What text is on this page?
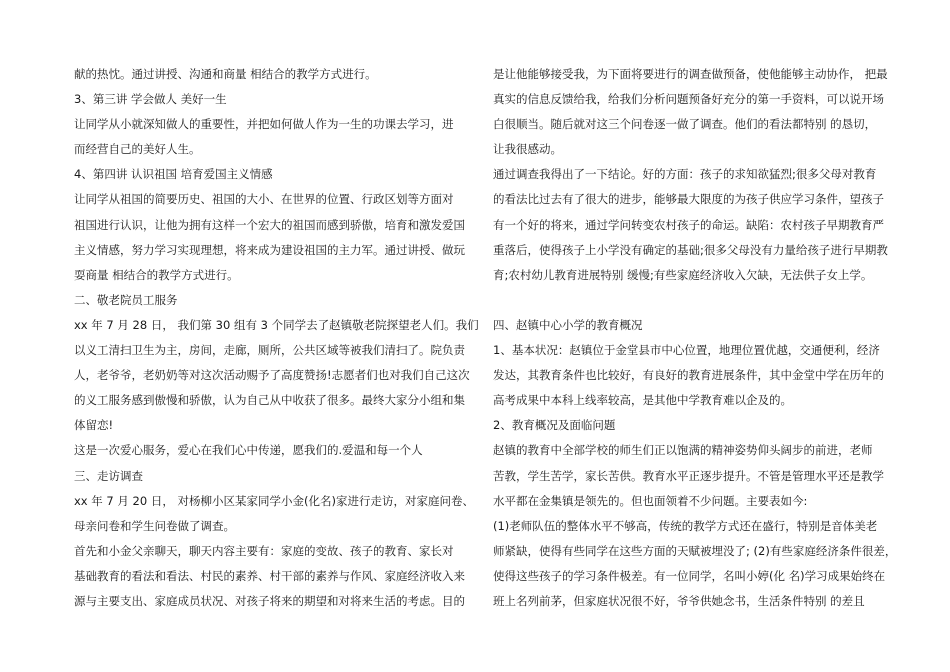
献的热忱。通过讲授、沟通和商量 相结合的教学方式进行。
3、第三讲 学会做人 美好一生
让同学从小就深知做人的重要性，并把如何做人作为一生的功课去学习，进
而经营自己的美好人生。
4、第四讲 认识祖国 培育爱国主义情感
让同学从祖国的简要历史、祖国的大小、在世界的位置、行政区划等方面对
祖国进行认识，让他为拥有这样一个宏大的祖国而感到骄傲，培育和激发爱国
主义情感，努力学习实现理想，将来成为建设祖国的主力军。通过讲授、做玩
耍商量 相结合的教学方式进行。
二、敬老院员工服务
xx 年 7 月 28 日， 我们第 30 组有 3 个同学去了赵镇敬老院探望老人们。我们
以义工清扫卫生为主，房间，走廊，厕所，公共区域等被我们清扫了。院负责
人，老爷爷，老奶奶等对这次活动赐予了高度赞扬!志愿者们也对我们自己这次
的义工服务感到傲慢和骄傲，认为自己从中收获了很多。最终大家分小组和集
体留恋!
这是一次爱心服务，爱心在我们心中传递，愿我们的.爱温和每一个人
三、走访调查
xx 年 7 月 20 日， 对杨柳小区某家同学小金(化名)家进行走访，对家庭问卷、
母亲问卷和学生问卷做了调查。
首先和小金父亲聊天，聊天内容主要有：家庭的变故、孩子的教育、家长对
基础教育的看法和看法、村民的素养、村干部的素养与作风、家庭经济收入来
源与主要支出、家庭成员状况、对孩子将来的期望和对将来生活的考虑。目的
是让他能够接受我，为下面将要进行的调查做预备，使他能够主动协作， 把最
真实的信息反馈给我，给我们分析问题预备好充分的第一手资料，可以说开场
白很顺当。随后就对这三个问卷逐一做了调查。他们的看法都特别 的恳切，
让我很感动。
通过调查我得出了一下结论。好的方面：孩子的求知欲猛烈;很多父母对教育
的看法比过去有了很大的进步，能够最大限度的为孩子供应学习条件，望孩子
有一个好的将来，通过学问转变农村孩子的命运。缺陷：农村孩子早期教育严
重落后，使得孩子上小学没有确定的基础;很多父母没有力量给孩子进行早期教
育;农村幼儿教育进展特别 缓慢;有些家庭经济收入欠缺，无法供子女上学。
四、赵镇中心小学的教育概况
1、基本状况：赵镇位于金堂县市中心位置，地理位置优越，交通便利，经济
发达，其教育条件也比较好，有良好的教育进展条件，其中金堂中学在历年的
高考成果中本科上线率较高，是其他中学教育难以企及的。
2、教育概况及面临问题
赵镇的教育中全部学校的师生们正以饱满的精神姿势仰头阔步的前进，老师
苦教，学生苦学，家长苦供。教育水平正逐步提升。不管是管理水平还是教学
水平都在金集镇是领先的。但也面领着不少问题。主要表如今:
(1)老师队伍的整体水平不够高，传统的教学方式还在盛行，特别是音体美老
师紧缺，使得有些同学在这些方面的天赋被埋没了; (2)有些家庭经济条件很差，
使得这些孩子的学习条件极差。有一位同学，名叫小婷(化 名)学习成果始终在
班上名列前茅，但家庭状况很不好，爷爷供她念书，生活条件特别 的差且
